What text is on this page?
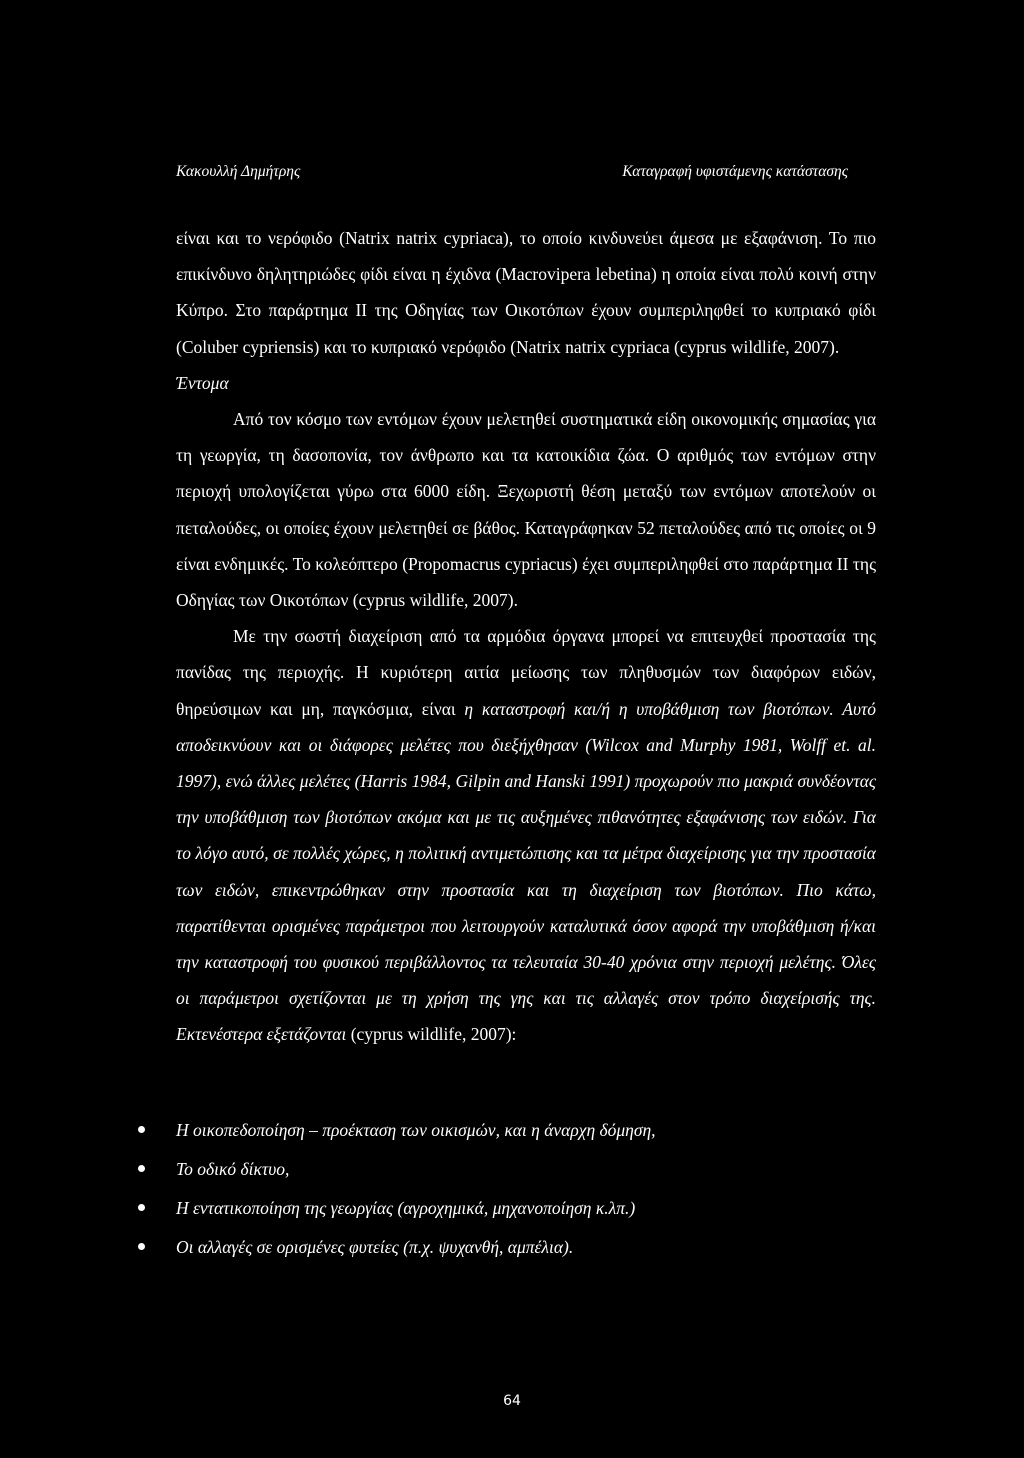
Κακουλλή Δημήτρης	Καταγραφή υφιστάμενης κατάστασης

είναι και το νερόφιδο (Natrix natrix cypriaca), το οποίο κινδυνεύει άμεσα με εξαφάνιση. Το πιο επικίνδυνο δηλητηριώδες φίδι είναι η έχιδνα (Macrovipera lebetina) η οποία είναι πολύ κοινή στην Κύπρο. Στο παράρτημα II της Οδηγίας των Οικοτόπων έχουν συμπεριληφθεί το κυπριακό φίδι (Coluber cypriensis) και το κυπριακό νερόφιδο (Natrix natrix cypriaca (cyprus wildlife, 2007).

Έντομα

Από τον κόσμο των εντόμων έχουν μελετηθεί συστηματικά είδη οικονομικής σημασίας για τη γεωργία, τη δασοπονία, τον άνθρωπο και τα κατοικίδια ζώα. Ο αριθμός των εντόμων στην περιοχή υπολογίζεται γύρω στα 6000 είδη. Ξεχωριστή θέση μεταξύ των εντόμων αποτελούν οι πεταλούδες, οι οποίες έχουν μελετηθεί σε βάθος. Καταγράφηκαν 52 πεταλούδες από τις οποίες οι 9 είναι ενδημικές. Το κολεόπτερο (Propomacrus cypriacus) έχει συμπεριληφθεί στο παράρτημα II της Οδηγίας των Οικοτόπων (cyprus wildlife, 2007).

Με την σωστή διαχείριση από τα αρμόδια όργανα μπορεί να επιτευχθεί προστασία της πανίδας της περιοχής. Η κυριότερη αιτία μείωσης των πληθυσμών των διαφόρων ειδών, θηρεύσιμων και μη, παγκόσμια, είναι η καταστροφή και/ή η υποβάθμιση των βιοτόπων. Αυτό αποδεικνύουν και οι διάφορες μελέτες που διεξήχθησαν (Wilcox and Murphy 1981, Wolff et. al. 1997), ενώ άλλες μελέτες (Harris 1984, Gilpin and Hanski 1991) προχωρούν πιο μακριά συνδέοντας την υποβάθμιση των βιοτόπων ακόμα και με τις αυξημένες πιθανότητες εξαφάνισης των ειδών. Για το λόγο αυτό, σε πολλές χώρες, η πολιτική αντιμετώπισης και τα μέτρα διαχείρισης για την προστασία των ειδών, επικεντρώθηκαν στην προστασία και τη διαχείριση των βιοτόπων. Πιο κάτω, παρατίθενται ορισμένες παράμετροι που λειτουργούν καταλυτικά όσον αφορά την υποβάθμιση ή/και την καταστροφή του φυσικού περιβάλλοντος τα τελευταία 30-40 χρόνια στην περιοχή μελέτης. Όλες οι παράμετροι σχετίζονται με τη χρήση της γης και τις αλλαγές στον τρόπο διαχείρισής της. Εκτενέστερα εξετάζονται (cyprus wildlife, 2007):

Η οικοπεδοποίηση – προέκταση των οικισμών, και η άναρχη δόμηση,
Το οδικό δίκτυο,
Η εντατικοποίηση της γεωργίας (αγροχημικά, μηχανοποίηση κ.λπ.)
Οι αλλαγές σε ορισμένες φυτείες (π.χ. ψυχανθή, αμπέλια).
64
